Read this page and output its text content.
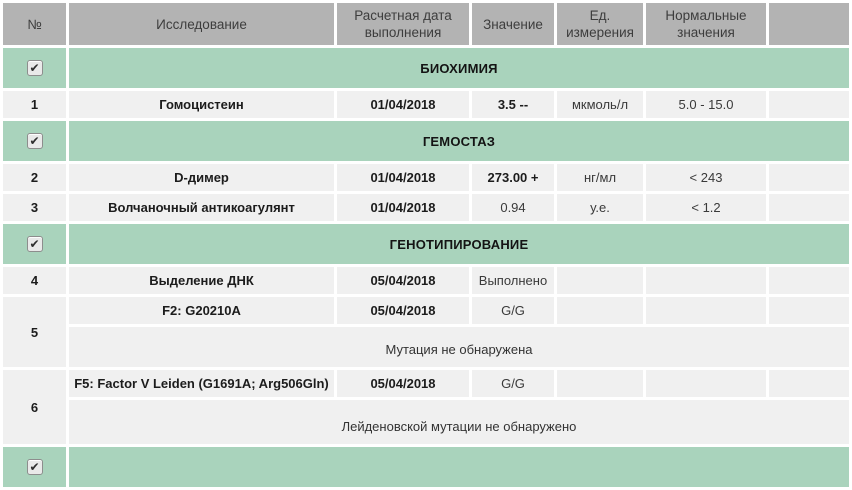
№	Исследование	Расчетная дата выполнения	Значение	Ед. измерения	Нормальные значения	
✔	БИОХИМИЯ					
1	Гомоцистеин	01/04/2018	3.5 --	мкмоль/л	5.0 - 15.0	
✔	ГЕМОСТАЗ					
2	D-димер	01/04/2018	273.00 +	нг/мл	< 243	
3	Волчаночный антикоагулянт	01/04/2018	0.94	у.е.	< 1.2	
✔	ГЕНОТИПИРОВАНИЕ					
4	Выделение ДНК	05/04/2018	Выполнено			
5	F2: G20210A	05/04/2018	G/G			
	Мутация не обнаружена					
6	F5: Factor V Leiden (G1691A; Arg506Gln)	05/04/2018	G/G			
	Лейденовской мутации не обнаружено					
✔						
